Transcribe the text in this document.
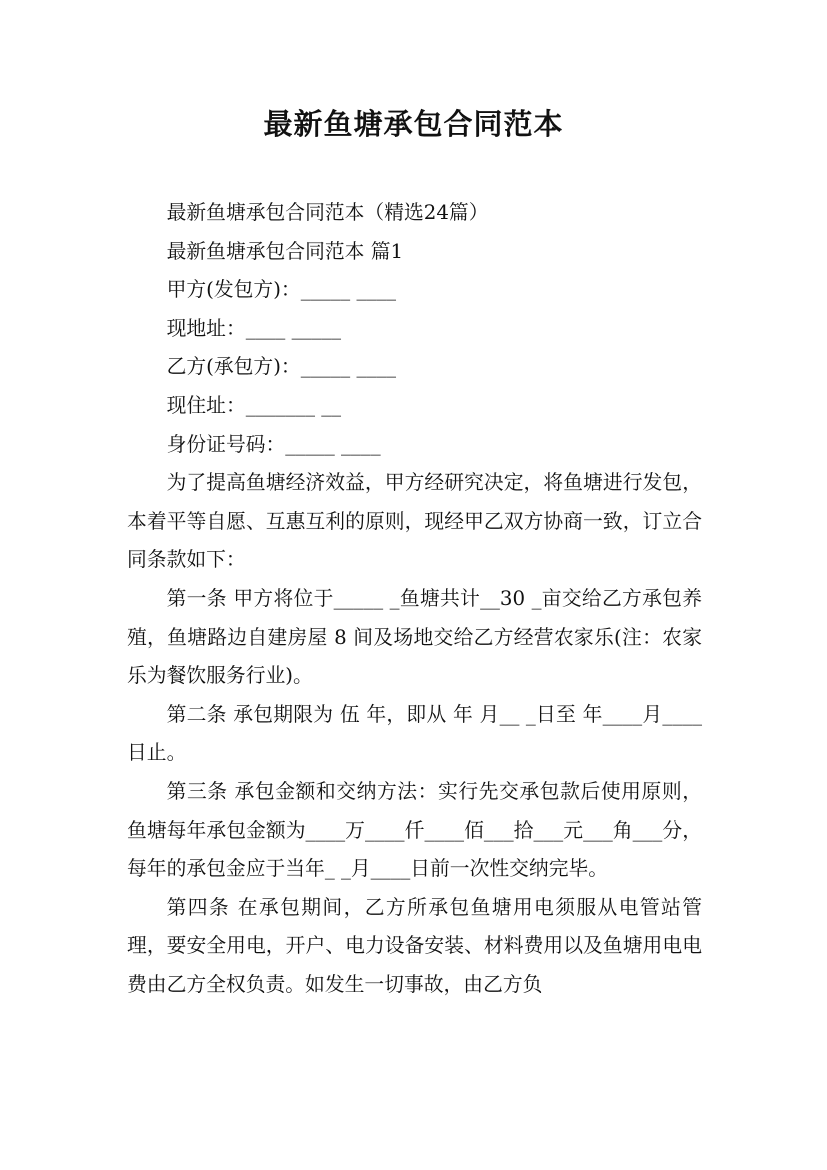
最新鱼塘承包合同范本

最新鱼塘承包合同范本（精选24篇）

最新鱼塘承包合同范本 篇1

甲方(发包方)：_____ ____

现地址：____ _____

乙方(承包方)：_____ ____

现住址：_______ __

身份证号码：_____ ____

为了提高鱼塘经济效益，甲方经研究决定，将鱼塘进行发包，本着平等自愿、互惠互利的原则，现经甲乙双方协商一致，订立合同条款如下：

第一条 甲方将位于_____ _鱼塘共计__30 _亩交给乙方承包养殖，鱼塘路边自建房屋 8 间及场地交给乙方经营农家乐(注：农家乐为餐饮服务行业)。

第二条 承包期限为 伍 年，即从 年 月__ _日至 年____月____日止。

第三条 承包金额和交纳方法：实行先交承包款后使用原则，鱼塘每年承包金额为____万____仟____佰___拾___元___角___分，每年的承包金应于当年_ _月____日前一次性交纳完毕。

第四条 在承包期间，乙方所承包鱼塘用电须服从电管站管理，要安全用电，开户、电力设备安装、材料费用以及鱼塘用电电费由乙方全权负责。如发生一切事故，由乙方负
